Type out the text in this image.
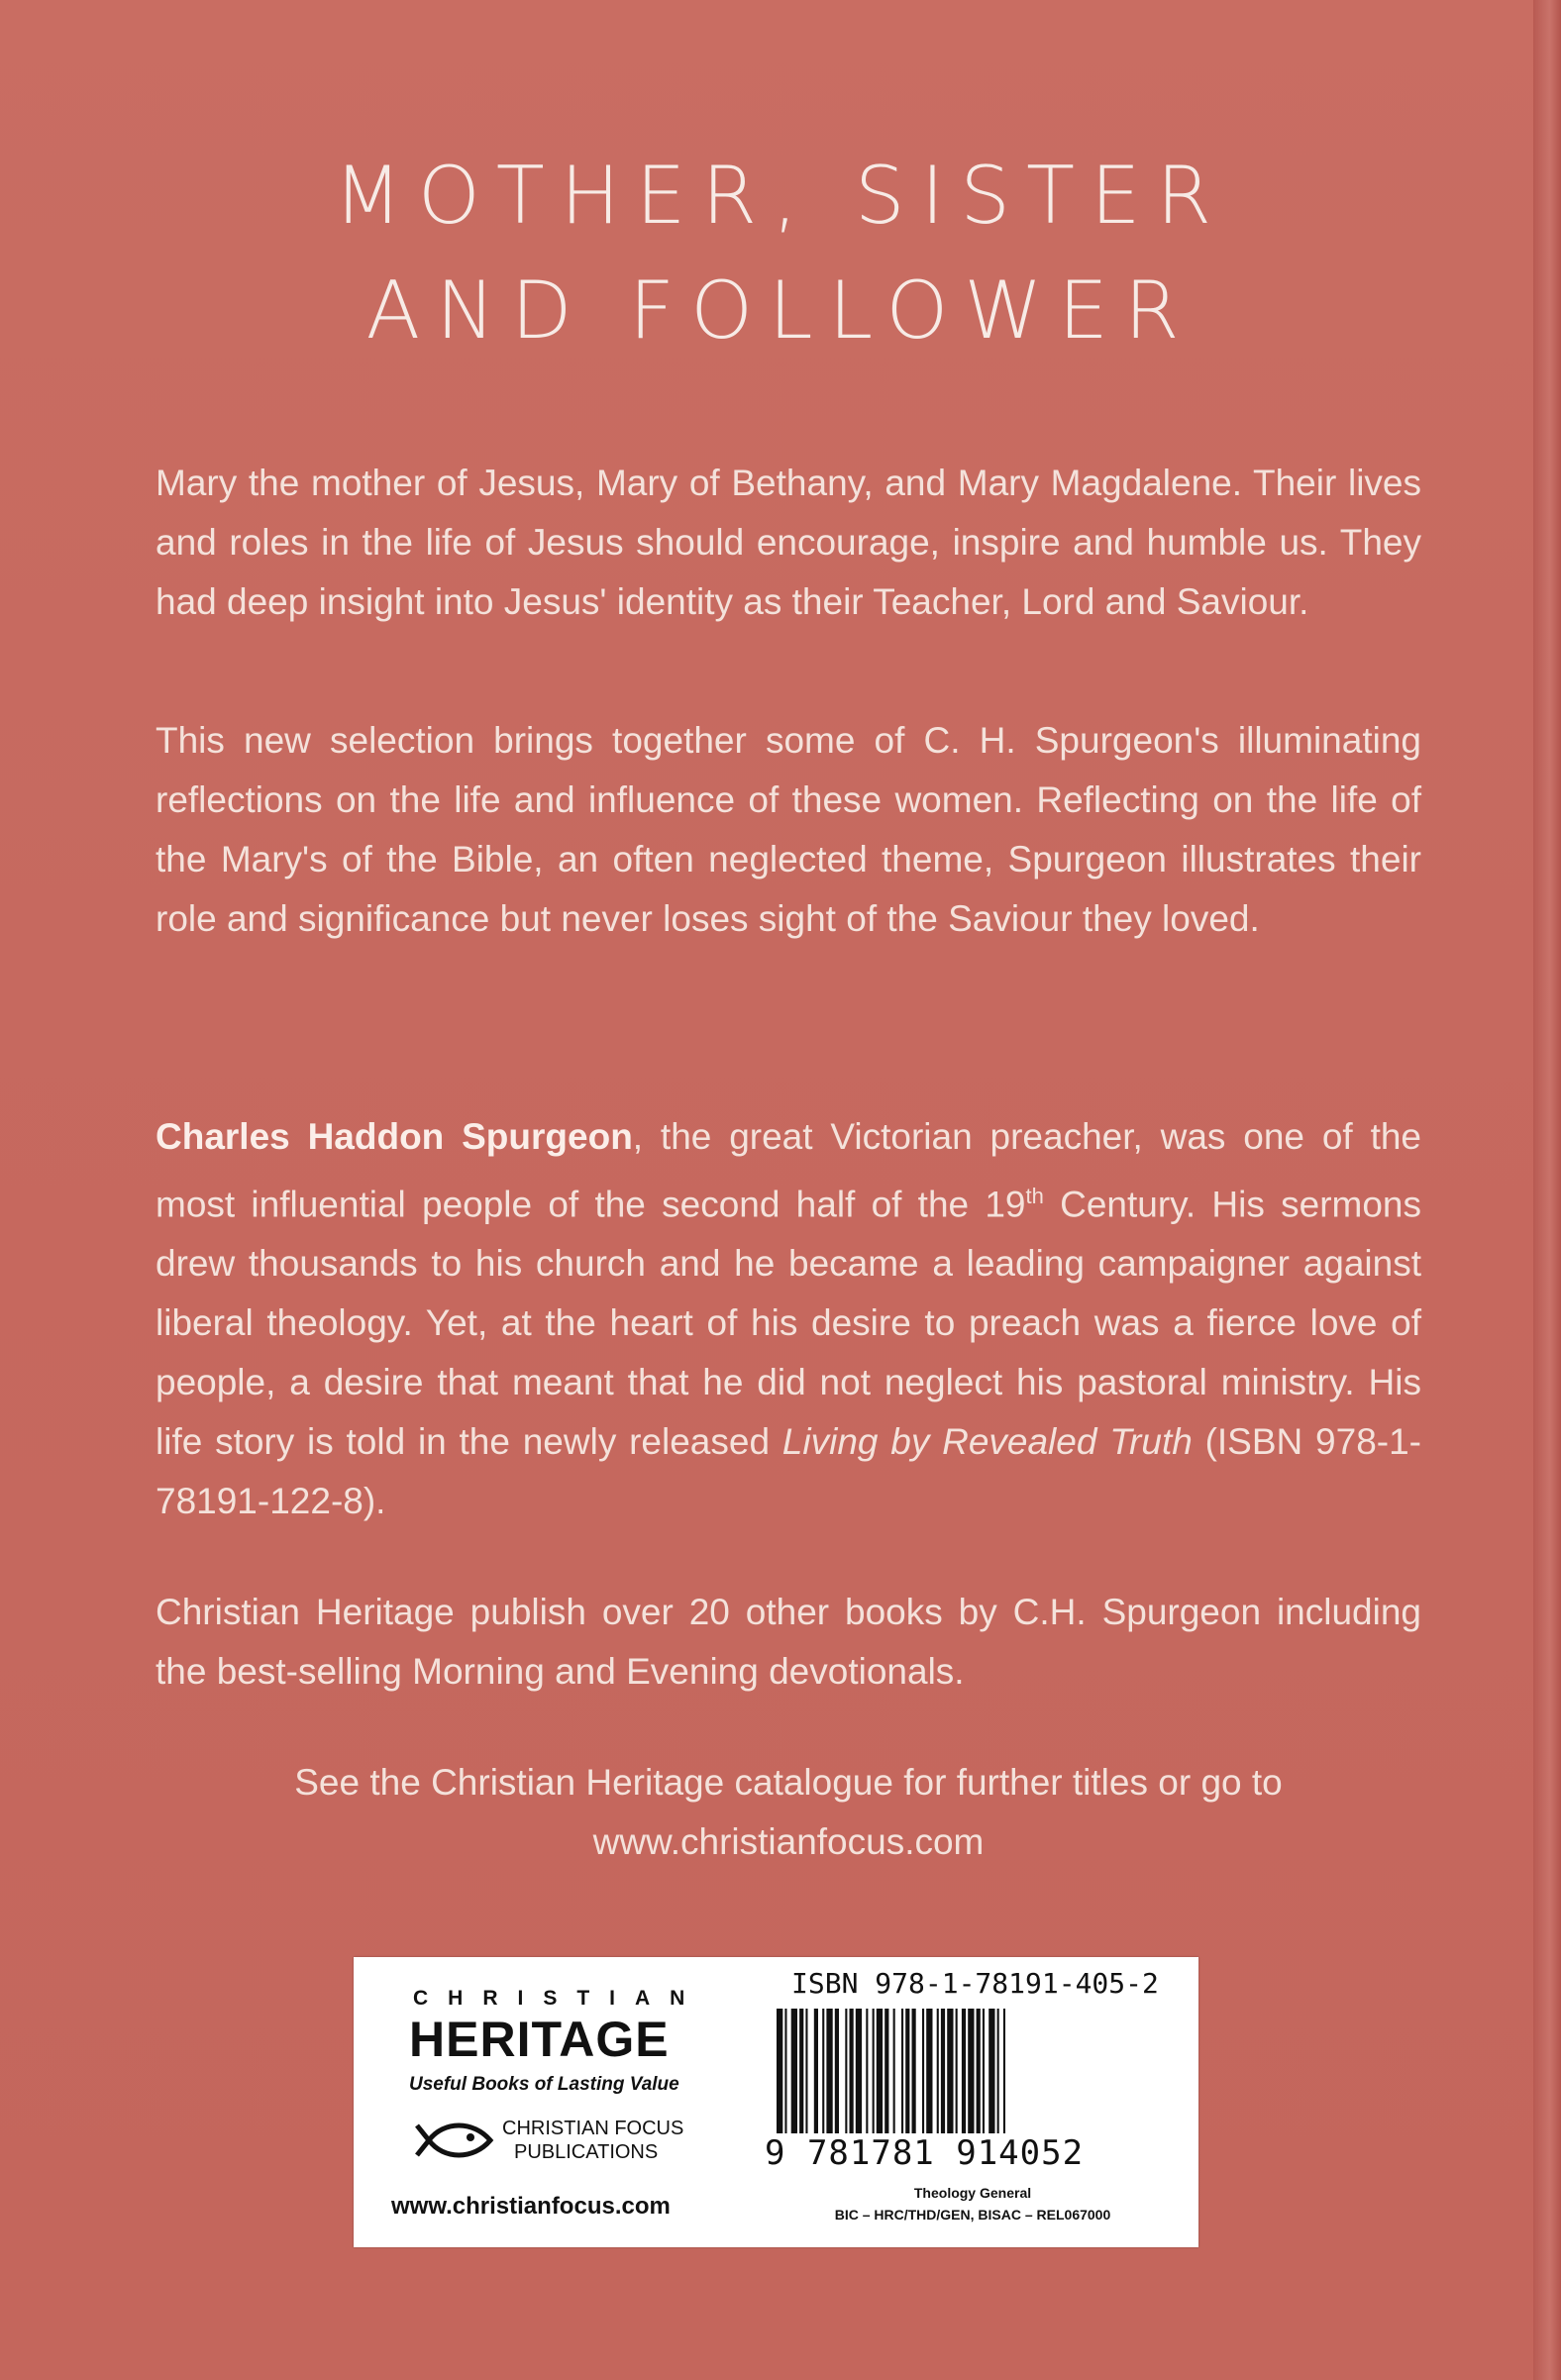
MOTHER, SISTER
AND FOLLOWER

Mary the mother of Jesus, Mary of Bethany, and Mary Magdalene. Their lives and roles in the life of Jesus should encourage, inspire and humble us. They had deep insight into Jesus' identity as their Teacher, Lord and Saviour.

This new selection brings together some of C. H. Spurgeon's illuminating reflections on the life and influence of these women. Reflecting on the life of the Mary's of the Bible, an often neglected theme, Spurgeon illustrates their role and significance but never loses sight of the Saviour they loved.

Charles Haddon Spurgeon, the great Victorian preacher, was one of the most influential people of the second half of the 19th Century. His sermons drew thousands to his church and he became a leading campaigner against liberal theology. Yet, at the heart of his desire to preach was a fierce love of people, a desire that meant that he did not neglect his pastoral ministry. His life story is told in the newly released Living by Revealed Truth (ISBN 978-1-78191-122-8).

Christian Heritage publish over 20 other books by C.H. Spurgeon including the best-selling Morning and Evening devotionals.

See the Christian Heritage catalogue for further titles or go to
www.christianfocus.com
CHRISTIAN
HERITAGE
Useful Books of Lasting Value
CHRISTIAN FOCUS
PUBLICATIONS
www.christianfocus.com
ISBN 978-1-78191-405-2
9 781781 914052
Theology General
BIC – HRC/THD/GEN, BISAC – REL067000
